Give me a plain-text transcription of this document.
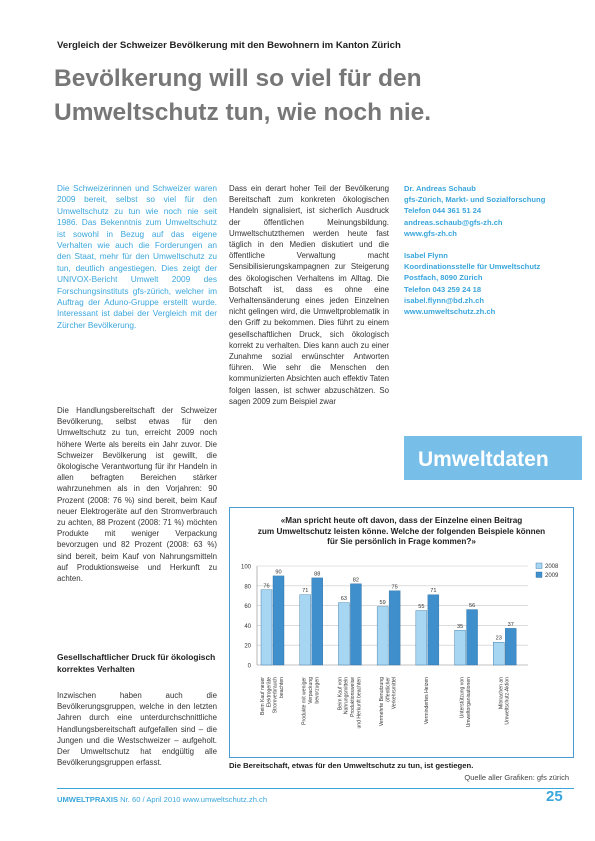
Vergleich der Schweizer Bevölkerung mit den Bewohnern im Kanton Zürich
Bevölkerung will so viel für den
Umweltschutz tun, wie noch nie.

Die Schweizerinnen und Schweizer waren 2009 bereit, selbst so viel für den Umweltschutz zu tun wie noch nie seit 1986. Das Bekenntnis zum Umweltschutz ist sowohl in Bezug auf das eigene Verhalten wie auch die Forderungen an den Staat, mehr für den Umweltschutz zu tun, deutlich angestiegen. Dies zeigt der UNIVOX-Bericht Umwelt 2009 des Forschungsinstituts gfs-zürich, welcher im Auftrag der Aduno-Gruppe erstellt wurde. Interessant ist dabei der Vergleich mit der Zürcher Bevölkerung.

Die Handlungsbereitschaft der Schweizer Bevölkerung, selbst etwas für den Umweltschutz zu tun, erreicht 2009 noch höhere Werte als bereits ein Jahr zuvor. Die Schweizer Bevölkerung ist gewillt, die ökologische Verantwortung für ihr Handeln in allen befragten Bereichen stärker wahrzunehmen als in den Vorjahren: 90 Prozent (2008: 76 %) sind bereit, beim Kauf neuer Elektrogeräte auf den Stromverbrauch zu achten, 88 Prozent (2008: 71 %) möchten Produkte mit weniger Verpackung bevorzugen und 82 Prozent (2008: 63 %) sind bereit, beim Kauf von Nahrungsmitteln auf Produktionsweise und Herkunft zu achten.

Gesellschaftlicher Druck für ökologisch korrektes Verhalten

Inzwischen haben auch die Bevölkerungsgruppen, welche in den letzten Jahren durch eine unterdurchschnittliche Handlungsbereitschaft aufgefallen sind – die Jungen und die Westschweizer – aufgeholt. Der Umweltschutz hat endgültig alle Bevölkerungsgruppen erfasst.

Dass ein derart hoher Teil der Bevölkerung Bereitschaft zum konkreten ökologischen Handeln signalisiert, ist sicherlich Ausdruck der öffentlichen Meinungsbildung. Umweltschutzthemen werden heute fast täglich in den Medien diskutiert und die öffentliche Verwaltung macht Sensibilisierungskampagnen zur Steigerung des ökologischen Verhaltens im Alltag. Die Botschaft ist, dass es ohne eine Verhaltensänderung eines jeden Einzelnen nicht gelingen wird, die Umweltproblematik in den Griff zu bekommen. Dies führt zu einem gesellschaftlichen Druck, sich ökologisch korrekt zu verhalten. Dies kann auch zu einer Zunahme sozial erwünschter Antworten führen. Wie sehr die Menschen den kommunizierten Absichten auch effektiv Taten folgen lassen, ist schwer abzuschätzen. So sagen 2009 zum Beispiel zwar

Dr. Andreas Schaub
gfs-Zürich, Markt- und Sozialforschung
Telefon 044 361 51 24
andreas.schaub@gfs-zh.ch
www.gfs-zh.ch
Isabel Flynn
Koordinationsstelle für Umweltschutz
Postfach, 8090 Zürich
Telefon 043 259 24 18
isabel.flynn@bd.zh.ch
www.umweltschutz.zh.ch
Umweltdaten
«Man spricht heute oft davon, dass der Einzelne einen Beitrag
zum Umweltschutz leisten könne. Welche der folgenden Beispiele können
für Sie persönlich in Frage kommen?»
0
20
40
60
80
100
76
71
63
59
55
35
23
90	88
82
75
71
56
37
Beim Kauf neuer Elektrogeräte Stromverbrauch beachten	Produkte mit weniger Verpackung bevorzugen	Beim Kauf von Nahrungsmitteln Produktionsweise und Herkunft beachten	Vermehrte Benutzung öffentlicher Verkehrsmittel	Vermindertes Heizen	Unterstützung von Umweltorganisationen	Mitmachen an Umweltschutz-Aktion
2008
2009
Die Bereitschaft, etwas für den Umweltschutz zu tun, ist gestiegen.
Quelle aller Grafiken: gfs zürich
UMWELTPRAXIS Nr. 60 / April 2010 www.umweltschutz.zh.ch	25
